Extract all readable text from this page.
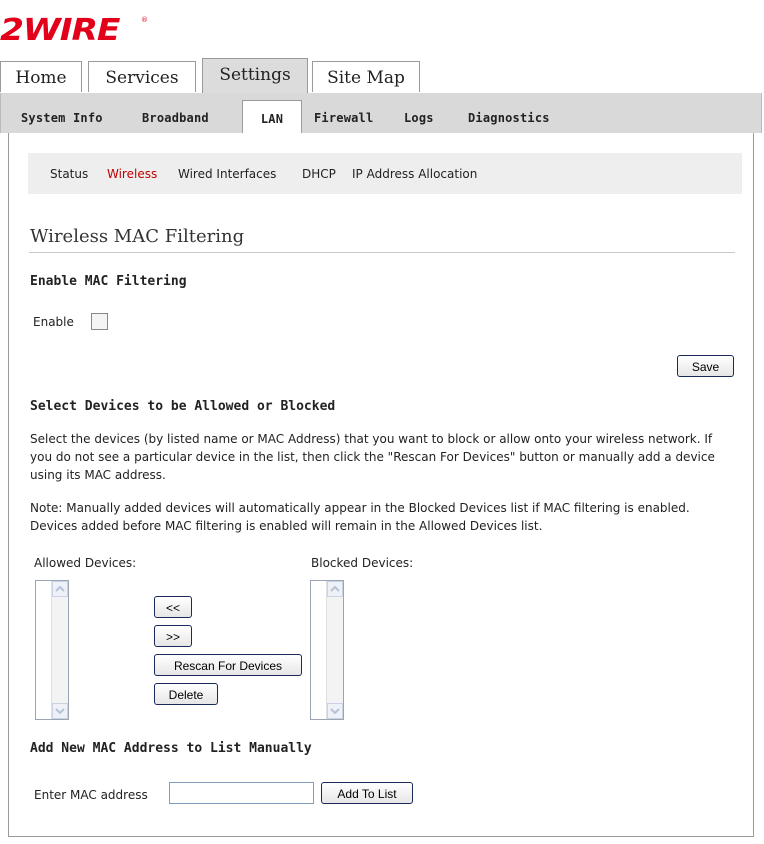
2WIRE	®
Home	Services	Settings	Site Map
System Info	Broadband	LAN	Firewall	Logs	Diagnostics
Status Wireless Wired Interfaces DHCP IP Address Allocation
Wireless MAC Filtering
Enable MAC Filtering
Enable
Save
Select Devices to be Allowed or Blocked
Select the devices (by listed name or MAC Address) that you want to block or allow onto your wireless network. If you do not see a particular device in the list, then click the "Rescan For Devices" button or manually add a device using its MAC address.
Note: Manually added devices will automatically appear in the Blocked Devices list if MAC filtering is enabled. Devices added before MAC filtering is enabled will remain in the Allowed Devices list.
Allowed Devices:	Blocked Devices:
<<
>>
Rescan For Devices
Delete
Add New MAC Address to List Manually
Enter MAC address	Add To List
